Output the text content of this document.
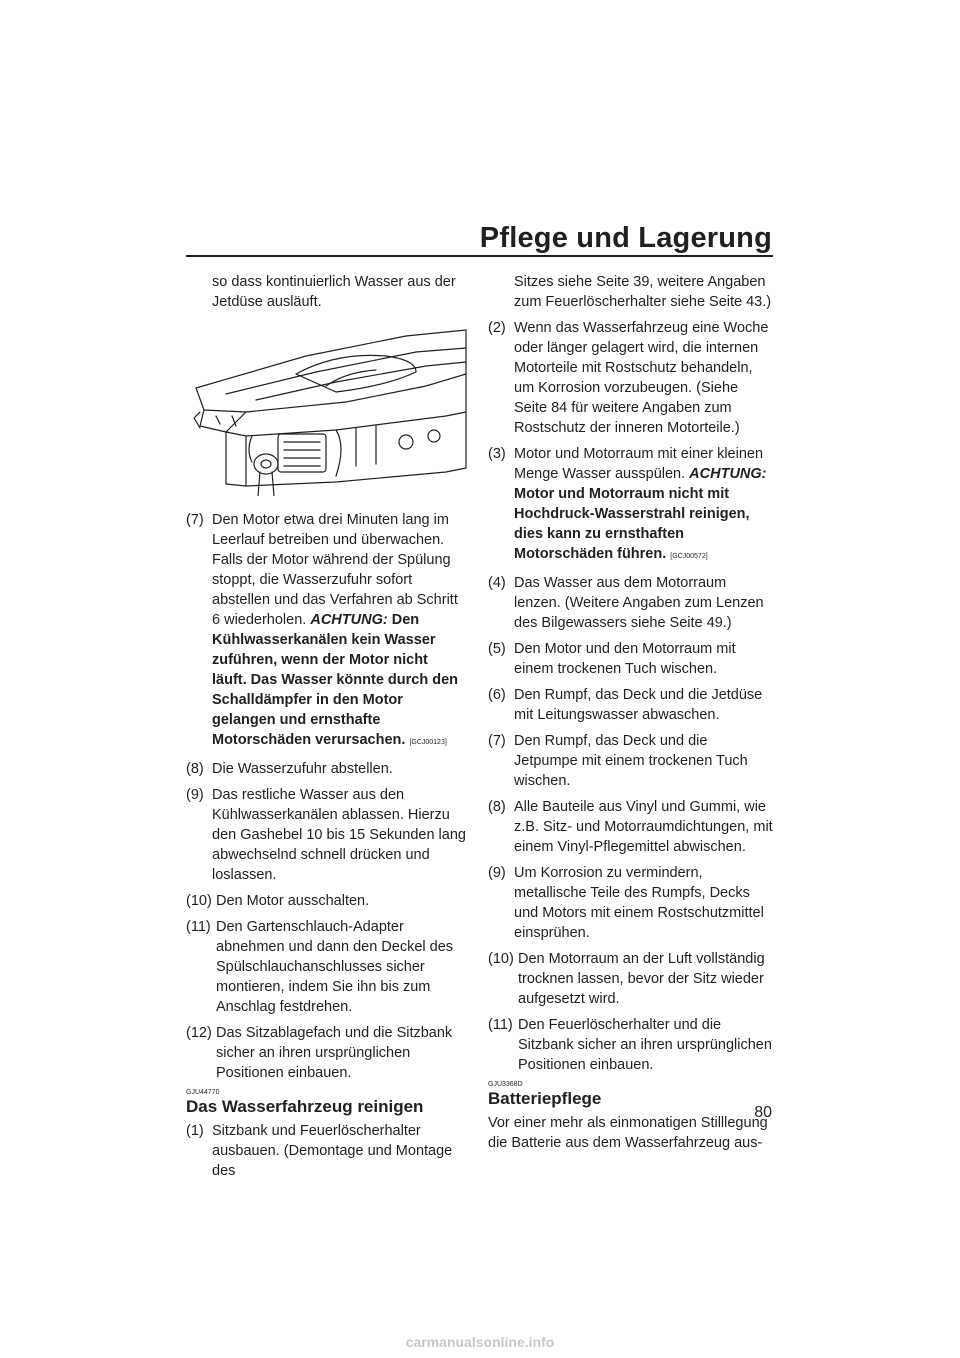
Pflege und Lagerung

so dass kontinuierlich Wasser aus der Jetdüse ausläuft.

(7) Den Motor etwa drei Minuten lang im Leerlauf betreiben und überwachen. Falls der Motor während der Spülung stoppt, die Wasserzufuhr sofort abstellen und das Verfahren ab Schritt 6 wiederholen. ACHTUNG: Den Kühlwasserkanälen kein Wasser zuführen, wenn der Motor nicht läuft. Das Wasser könnte durch den Schalldämpfer in den Motor gelangen und ernsthafte Motorschäden verursachen. [GCJ00123]
(8) Die Wasserzufuhr abstellen.
(9) Das restliche Wasser aus den Kühlwasserkanälen ablassen. Hierzu den Gashebel 10 bis 15 Sekunden lang abwechselnd schnell drücken und loslassen.
(10) Den Motor ausschalten.
(11) Den Gartenschlauch-Adapter abnehmen und dann den Deckel des Spülschlauchanschlusses sicher montieren, indem Sie ihn bis zum Anschlag festdrehen.
(12) Das Sitzablagefach und die Sitzbank sicher an ihren ursprünglichen Positionen einbauen.
GJU44770
Das Wasserfahrzeug reinigen
(1) Sitzbank und Feuerlöscherhalter ausbauen. (Demontage und Montage des

Sitzes siehe Seite 39, weitere Angaben zum Feuerlöscherhalter siehe Seite 43.)

(2) Wenn das Wasserfahrzeug eine Woche oder länger gelagert wird, die internen Motorteile mit Rostschutz behandeln, um Korrosion vorzubeugen. (Siehe Seite 84 für weitere Angaben zum Rostschutz der inneren Motorteile.)
(3) Motor und Motorraum mit einer kleinen Menge Wasser ausspülen. ACHTUNG: Motor und Motorraum nicht mit Hochdruck-Wasserstrahl reinigen, dies kann zu ernsthaften Motorschäden führen. [GCJ00572]
(4) Das Wasser aus dem Motorraum lenzen. (Weitere Angaben zum Lenzen des Bilgewassers siehe Seite 49.)
(5) Den Motor und den Motorraum mit einem trockenen Tuch wischen.
(6) Den Rumpf, das Deck und die Jetdüse mit Leitungswasser abwaschen.
(7) Den Rumpf, das Deck und die Jetpumpe mit einem trockenen Tuch wischen.
(8) Alle Bauteile aus Vinyl und Gummi, wie z.B. Sitz- und Motorraumdichtungen, mit einem Vinyl-Pflegemittel abwischen.
(9) Um Korrosion zu vermindern, metallische Teile des Rumpfs, Decks und Motors mit einem Rostschutzmittel einsprühen.
(10) Den Motorraum an der Luft vollständig trocknen lassen, bevor der Sitz wieder aufgesetzt wird.
(11) Den Feuerlöscherhalter und die Sitzbank sicher an ihren ursprünglichen Positionen einbauen.
GJU3368D
Batteriepflege

Vor einer mehr als einmonatigen Stilllegung die Batterie aus dem Wasserfahrzeug aus-

80
carmanualsonline.info
